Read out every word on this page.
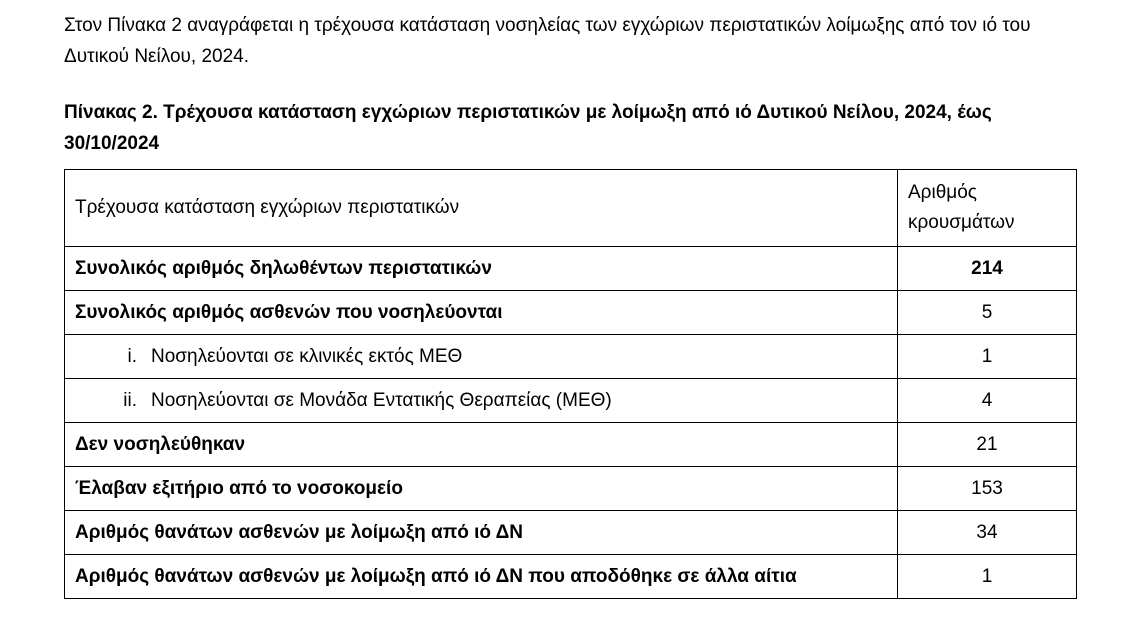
Στον Πίνακα 2 αναγράφεται η τρέχουσα κατάσταση νοσηλείας των εγχώριων περιστατικών λοίμωξης από τον ιό του Δυτικού Νείλου, 2024.

Πίνακας 2. Τρέχουσα κατάσταση εγχώριων περιστατικών με λοίμωξη από ιό Δυτικού Νείλου, 2024, έως 30/10/2024

Τρέχουσα κατάσταση εγχώριων περιστατικών	Αριθμός κρουσμάτων
Συνολικός αριθμός δηλωθέντων περιστατικών	214
Συνολικός αριθμός ασθενών που νοσηλεύονται	5

i. Νοσηλεύονται σε κλινικές εκτός ΜΕΘ	1

ii. Νοσηλεύονται σε Μονάδα Εντατικής Θεραπείας (ΜΕΘ)	4
Δεν νοσηλεύθηκαν	21
Έλαβαν εξιτήριο από το νοσοκομείο	153
Αριθμός θανάτων ασθενών με λοίμωξη από ιό ΔΝ	34
Αριθμός θανάτων ασθενών με λοίμωξη από ιό ΔΝ που αποδόθηκε σε άλλα αίτια	1
